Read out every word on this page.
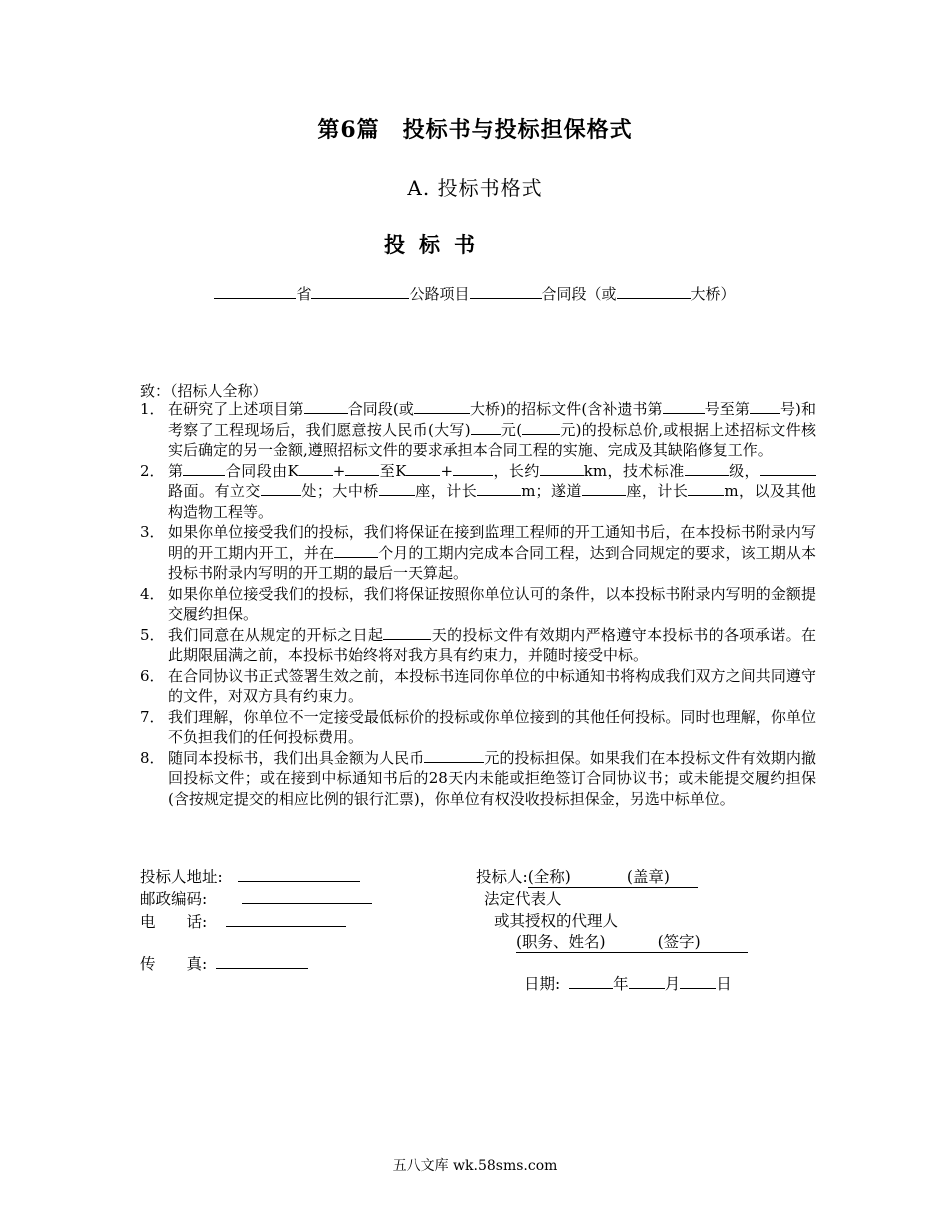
第6篇　投标书与投标担保格式
A. 投标书格式
投标书
省	公路项目	合同段（或	大桥）
致：（招标人全称）
1． 在研究了上述项目第	合同段(或	大桥)的招标文件(含补遗书第	号至第 号)和考察了工程现场后，我们愿意按人民币(大写) 元(	元)的投标总价,或根据上述招标文件核实后确定的另一金额,遵照招标文件的要求承担本合同工程的实施、完成及其缺陷修复工作。
2． 第	合同段由K + 至K +	，长约	km，技术标准	级，路面。有立交	处；大中桥 座，计长	m；遂道	座，计长 m，以及其他构造物工程等。
3． 如果你单位接受我们的投标，我们将保证在接到监理工程师的开工通知书后，在本投标书附录内写明的开工期内开工，并在	个月的工期内完成本合同工程，达到合同规定的要求，该工期从本投标书附录内写明的开工期的最后一天算起。
4． 如果你单位接受我们的投标，我们将保证按照你单位认可的条件，以本投标书附录内写明的金额提交履约担保。
5． 我们同意在从规定的开标之日起	天的投标文件有效期内严格遵守本投标书的各项承诺。在此期限届满之前，本投标书始终将对我方具有约束力，并随时接受中标。
6． 在合同协议书正式签署生效之前，本投标书连同你单位的中标通知书将构成我们双方之间共同遵守的文件，对双方具有约束力。
7． 我们理解，你单位不一定接受最低标价的投标或你单位接到的其他任何投标。同时也理解，你单位不负担我们的任何投标费用。
8． 随同本投标书，我们出具金额为人民币	元的投标担保。如果我们在本投标文件有效期内撤回投标文件；或在接到中标通知书后的28天内未能或拒绝签订合同协议书；或未能提交履约担保(含按规定提交的相应比例的银行汇票)，你单位有权没收投标担保金，另选中标单位。
投标人地址:
邮政编码:
电　　话:
传　　真:
投标人:(全称)	(盖章)
法定代表人
或其授权的代理人
(职务、姓名)	(签字)
日期:	年 月 日
五八文库 wk.58sms.com
